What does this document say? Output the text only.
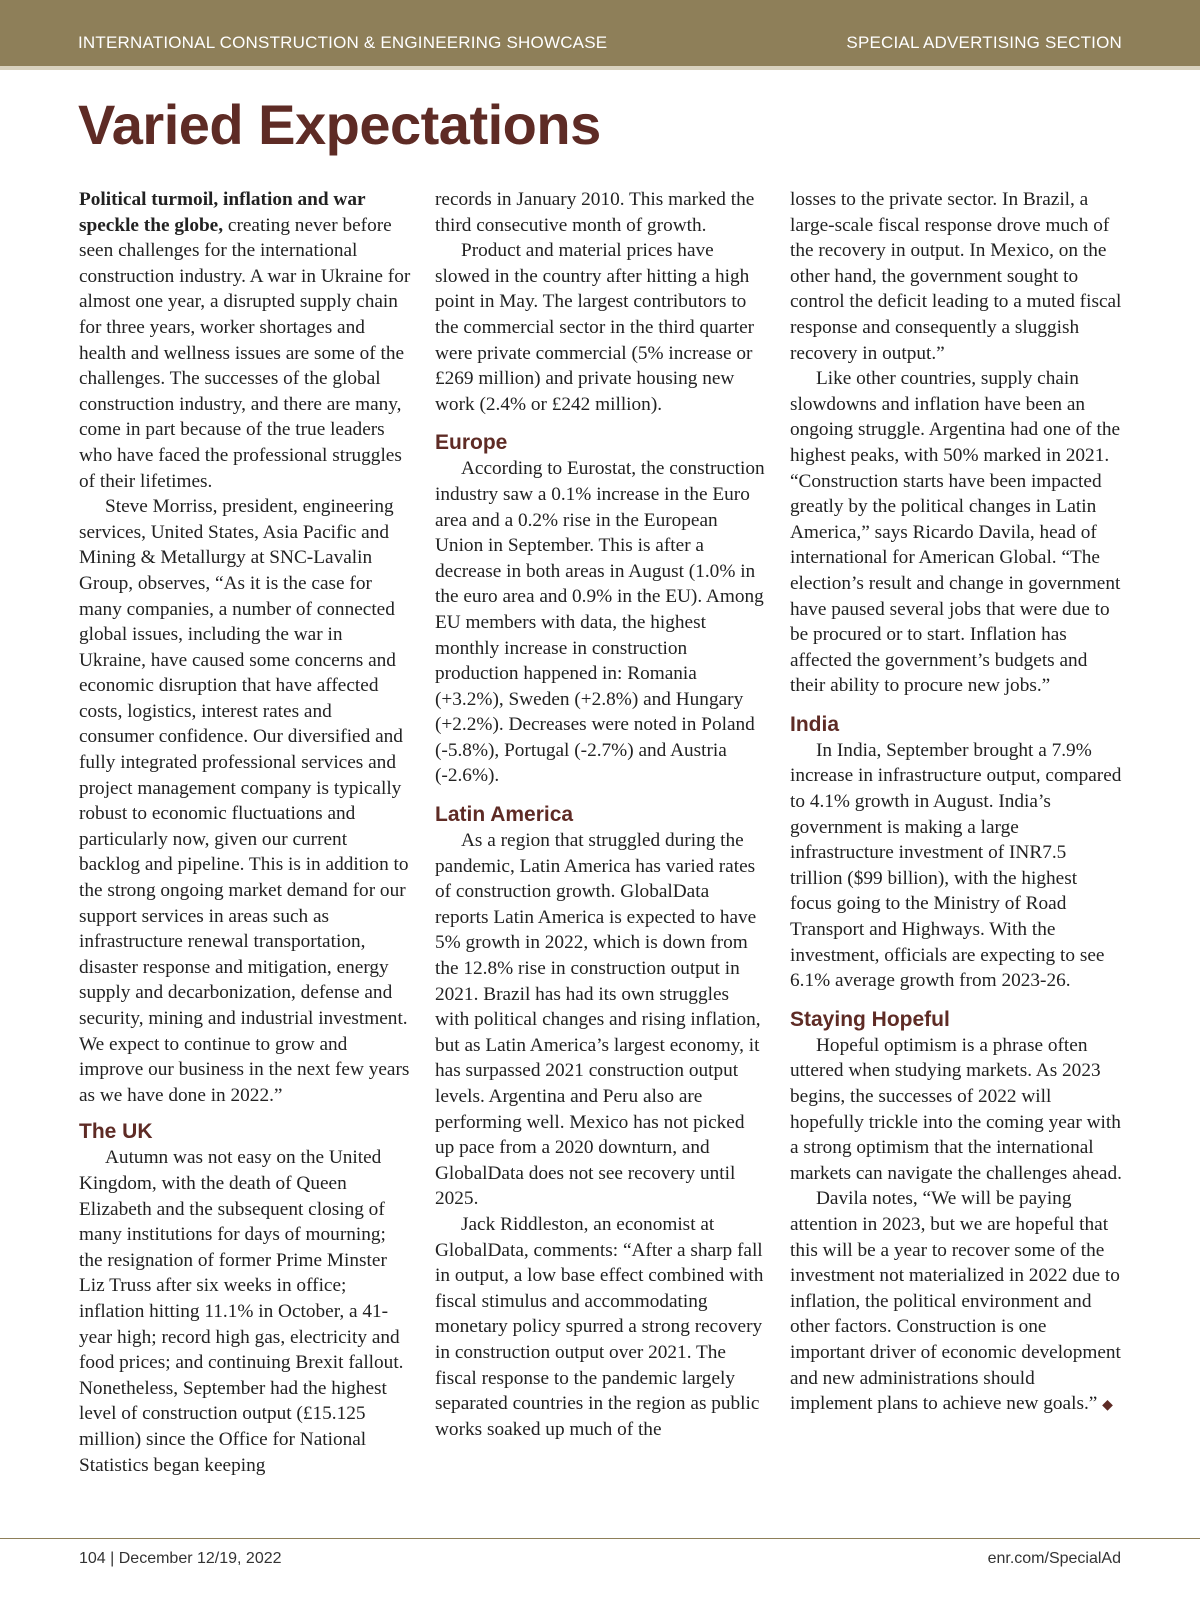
INTERNATIONAL CONSTRUCTION & ENGINEERING SHOWCASE	SPECIAL ADVERTISING SECTION
Varied Expectations

Political turmoil, inflation and war speckle the globe, creating never before seen challenges for the international construction industry. A war in Ukraine for almost one year, a disrupted supply chain for three years, worker shortages and health and wellness issues are some of the challenges. The successes of the global construction industry, and there are many, come in part because of the true leaders who have faced the professional struggles of their lifetimes.

Steve Morriss, president, engineering services, United States, Asia Pacific and Mining & Metallurgy at SNC-Lavalin Group, observes, “As it is the case for many companies, a number of connected global issues, including the war in Ukraine, have caused some concerns and economic disruption that have affected costs, logistics, interest rates and consumer confidence. Our diversified and fully integrated professional services and project management company is typically robust to economic fluctuations and particularly now, given our current backlog and pipeline. This is in addition to the strong ongoing market demand for our support services in areas such as infrastructure renewal transportation, disaster response and mitigation, energy supply and decarbonization, defense and security, mining and industrial investment. We expect to continue to grow and improve our business in the next few years as we have done in 2022.”

The UK

Autumn was not easy on the United Kingdom, with the death of Queen Elizabeth and the subsequent closing of many institutions for days of mourning; the resignation of former Prime Minster Liz Truss after six weeks in office; inflation hitting 11.1% in October, a 41-year high; record high gas, electricity and food prices; and continuing Brexit fallout. Nonetheless, September had the highest level of construction output (£15.125 million) since the Office for National Statistics began keeping

records in January 2010. This marked the third consecutive month of growth.

Product and material prices have slowed in the country after hitting a high point in May. The largest contributors to the commercial sector in the third quarter were private commercial (5% increase or £269 million) and private housing new work (2.4% or £242 million).

Europe

According to Eurostat, the construction industry saw a 0.1% increase in the Euro area and a 0.2% rise in the European Union in September. This is after a decrease in both areas in August (1.0% in the euro area and 0.9% in the EU). Among EU members with data, the highest monthly increase in construction production happened in: Romania (+3.2%), Sweden (+2.8%) and Hungary (+2.2%). Decreases were noted in Poland (-5.8%), Portugal (-2.7%) and Austria (-2.6%).

Latin America

As a region that struggled during the pandemic, Latin America has varied rates of construction growth. GlobalData reports Latin America is expected to have 5% growth in 2022, which is down from the 12.8% rise in construction output in 2021. Brazil has had its own struggles with political changes and rising inflation, but as Latin America’s largest economy, it has surpassed 2021 construction output levels. Argentina and Peru also are performing well. Mexico has not picked up pace from a 2020 downturn, and GlobalData does not see recovery until 2025.

Jack Riddleston, an economist at GlobalData, comments: “After a sharp fall in output, a low base effect combined with fiscal stimulus and accommodating monetary policy spurred a strong recovery in construction output over 2021. The fiscal response to the pandemic largely separated countries in the region as public works soaked up much of the

losses to the private sector. In Brazil, a large-scale fiscal response drove much of the recovery in output. In Mexico, on the other hand, the government sought to control the deficit leading to a muted fiscal response and consequently a sluggish recovery in output.”

Like other countries, supply chain slowdowns and inflation have been an ongoing struggle. Argentina had one of the highest peaks, with 50% marked in 2021. “Construction starts have been impacted greatly by the political changes in Latin America,” says Ricardo Davila, head of international for American Global. “The election’s result and change in government have paused several jobs that were due to be procured or to start. Inflation has affected the government’s budgets and their ability to procure new jobs.”

India

In India, September brought a 7.9% increase in infrastructure output, compared to 4.1% growth in August. India’s government is making a large infrastructure investment of INR7.5 trillion ($99 billion), with the highest focus going to the Ministry of Road Transport and Highways. With the investment, officials are expecting to see 6.1% average growth from 2023-26.

Staying Hopeful

Hopeful optimism is a phrase often uttered when studying markets. As 2023 begins, the successes of 2022 will hopefully trickle into the coming year with a strong optimism that the international markets can navigate the challenges ahead.

Davila notes, “We will be paying attention in 2023, but we are hopeful that this will be a year to recover some of the investment not materialized in 2022 due to inflation, the political environment and other factors. Construction is one important driver of economic development and new administrations should implement plans to achieve new goals.” ◆

104 | December 12/19, 2022	enr.com/SpecialAd
